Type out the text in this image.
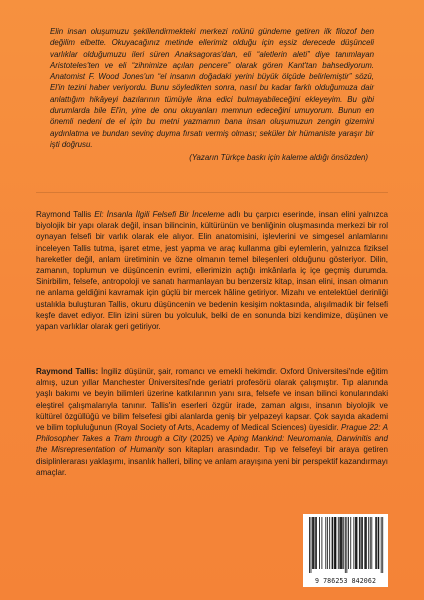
Elin insan oluşumuzu şekillendirmekteki merkezi rolünü gündeme getiren ilk filozof ben değilim elbette. Okuyacağınız metinde ellerimiz olduğu için eşsiz derecede düşünceli varlıklar olduğumuzu ileri süren Anaksagoras'dan, eli “aletlerin aleti” diye tanımlayan Aristoteles'ten ve eli “zihnimize açılan pencere” olarak gören Kant'tan bahsediyorum. Anatomist F. Wood Jones'un “el insanın doğadaki yerini büyük ölçüde belirlemiştir” sözü, El'in tezini haber veriyordu. Bunu söyledikten sonra, nasıl bu kadar farklı olduğumuza dair anlattığım hikâyeyi bazılarının tümüyle ikna edici bulmayabileceğini ekleyeyim. Bu gibi durumlarda bile El'in, yine de onu okuyanları memnun edeceğini umuyorum. Bunun en önemli nedeni de el için bu metni yazmamın bana insan oluşumuzun zengin gizemini aydınlatma ve bundan sevinç duyma fırsatı vermiş olması; seküler bir hümaniste yaraşır bir işti doğrusu.

(Yazarın Türkçe baskı için kaleme aldığı önsözden)

Raymond Tallis El: İnsanla İlgili Felsefi Bir İnceleme adlı bu çarpıcı eserinde, insan elini yalnızca biyolojik bir yapı olarak değil, insan bilincinin, kültürünün ve benliğinin oluşmasında merkezi bir rol oynayan felsefi bir varlık olarak ele alıyor. Elin anatomisini, işlevlerini ve simgesel anlamlarını inceleyen Tallis tutma, işaret etme, jest yapma ve araç kullanma gibi eylemlerin, yalnızca fiziksel hareketler değil, anlam üretiminin ve özne olmanın temel bileşenleri olduğunu gösteriyor. Dilin, zamanın, toplumun ve düşüncenin evrimi, ellerimizin açtığı imkânlarla iç içe geçmiş durumda. Sinirbilim, felsefe, antropoloji ve sanatı harmanlayan bu benzersiz kitap, insan elini, insan olmanın ne anlama geldiğini kavramak için güçlü bir mercek hâline getiriyor. Mizahı ve entelektüel derinliği ustalıkla buluşturan Tallis, okuru düşüncenin ve bedenin kesişim noktasında, alışılmadık bir felsefi keşfe davet ediyor. Elin izini süren bu yolculuk, belki de en sonunda bizi kendimize, düşünen ve yapan varlıklar olarak geri getiriyor.

Raymond Tallis: İngiliz düşünür, şair, romancı ve emekli hekimdir. Oxford Üniversitesi'nde eğitim almış, uzun yıllar Manchester Üniversitesi'nde geriatri profesörü olarak çalışmıştır. Tıp alanında yaşlı bakımı ve beyin bilimleri üzerine katkılarının yanı sıra, felsefe ve insan bilinci konularındaki eleştirel çalışmalarıyla tanınır. Tallis'in eserleri özgür irade, zaman algısı, insanın biyolojik ve kültürel özgüllüğü ve bilim felsefesi gibi alanlarda geniş bir yelpazeyi kapsar. Çok sayıda akademi ve bilim topluluğunun (Royal Society of Arts, Academy of Medical Sciences) üyesidir. Prague 22: A Philosopher Takes a Tram through a City (2025) ve Aping Mankind: Neuromania, Darwinitis and the Misrepresentation of Humanity son kitapları arasındadır. Tıp ve felsefeyi bir araya getiren disiplinlerarası yaklaşımı, insanlık halleri, bilinç ve anlam arayışına yeni bir perspektif kazandırmayı amaçlar.

9 786253 842062
